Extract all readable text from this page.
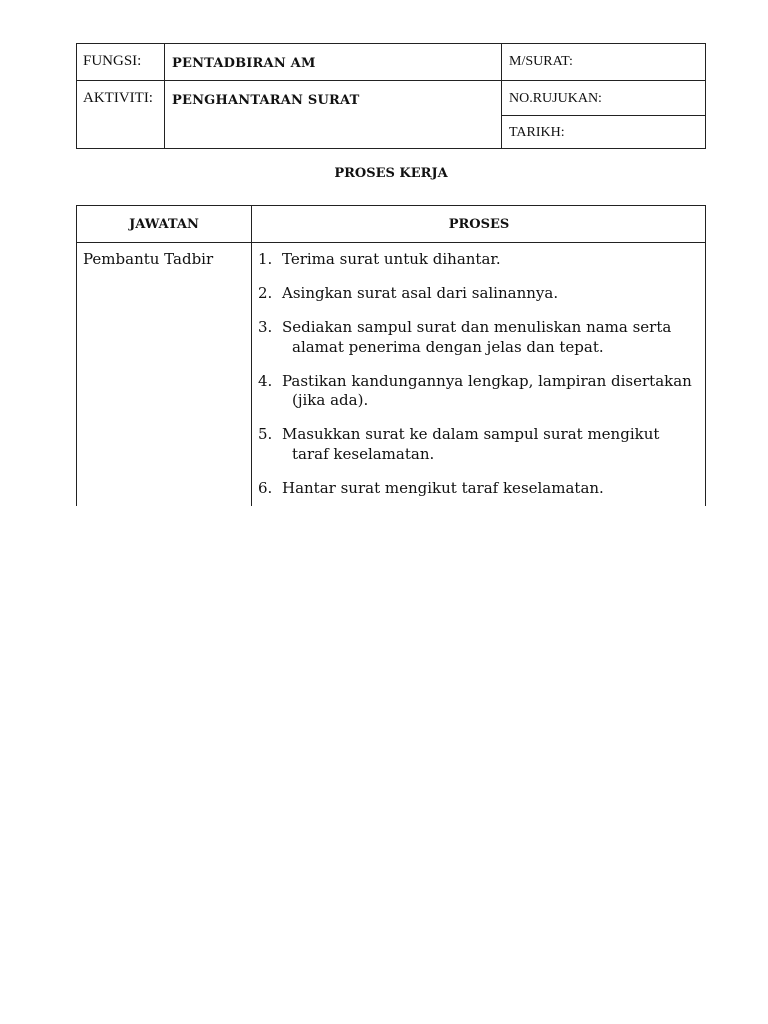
FUNGSI:	PENTADBIRAN AM	M/SURAT:

AKTIVITI:	PENGHANTARAN SURAT	NO.RUJUKAN:

		TARIKH:
PROSES KERJA
JAWATAN	PROSES
Pembantu Tadbir	1. Terima surat untuk dihantar.
2. Asingkan surat asal dari salinannya.
3. Sediakan sampul surat dan menuliskan nama serta
alamat penerima dengan jelas dan tepat.
4. Pastikan kandungannya lengkap, lampiran disertakan
(jika ada).
5. Masukkan surat ke dalam sampul surat mengikut
taraf keselamatan.
6. Hantar surat mengikut taraf keselamatan.
